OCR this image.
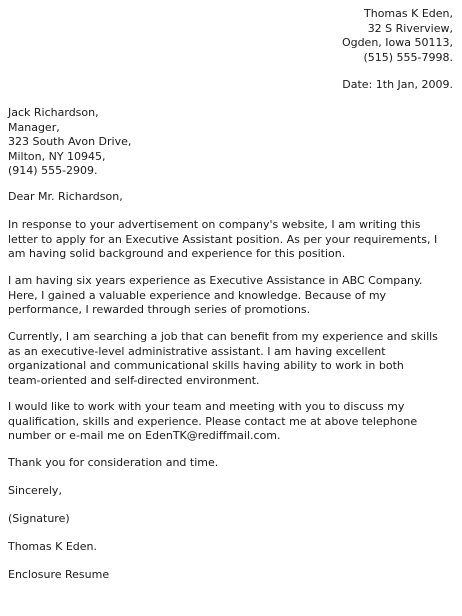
Thomas K Eden,
32 S Riverview,
Ogden, Iowa 50113,
(515) 555-7998.
Date: 1th Jan, 2009.
Jack Richardson,
Manager,
323 South Avon Drive,
Milton, NY 10945,
(914) 555-2909.
Dear Mr. Richardson,
In response to your advertisement on company's website, I am writing this
letter to apply for an Executive Assistant position. As per your requirements, I
am having solid background and experience for this position.
I am having six years experience as Executive Assistance in ABC Company.
Here, I gained a valuable experience and knowledge. Because of my
performance, I rewarded through series of promotions.
Currently, I am searching a job that can benefit from my experience and skills
as an executive-level administrative assistant. I am having excellent
organizational and communicational skills having ability to work in both
team-oriented and self-directed environment.
I would like to work with your team and meeting with you to discuss my
qualification, skills and experience. Please contact me at above telephone
number or e-mail me on EdenTK@rediffmail.com.
Thank you for consideration and time.
Sincerely,
(Signature)
Thomas K Eden.
Enclosure Resume
